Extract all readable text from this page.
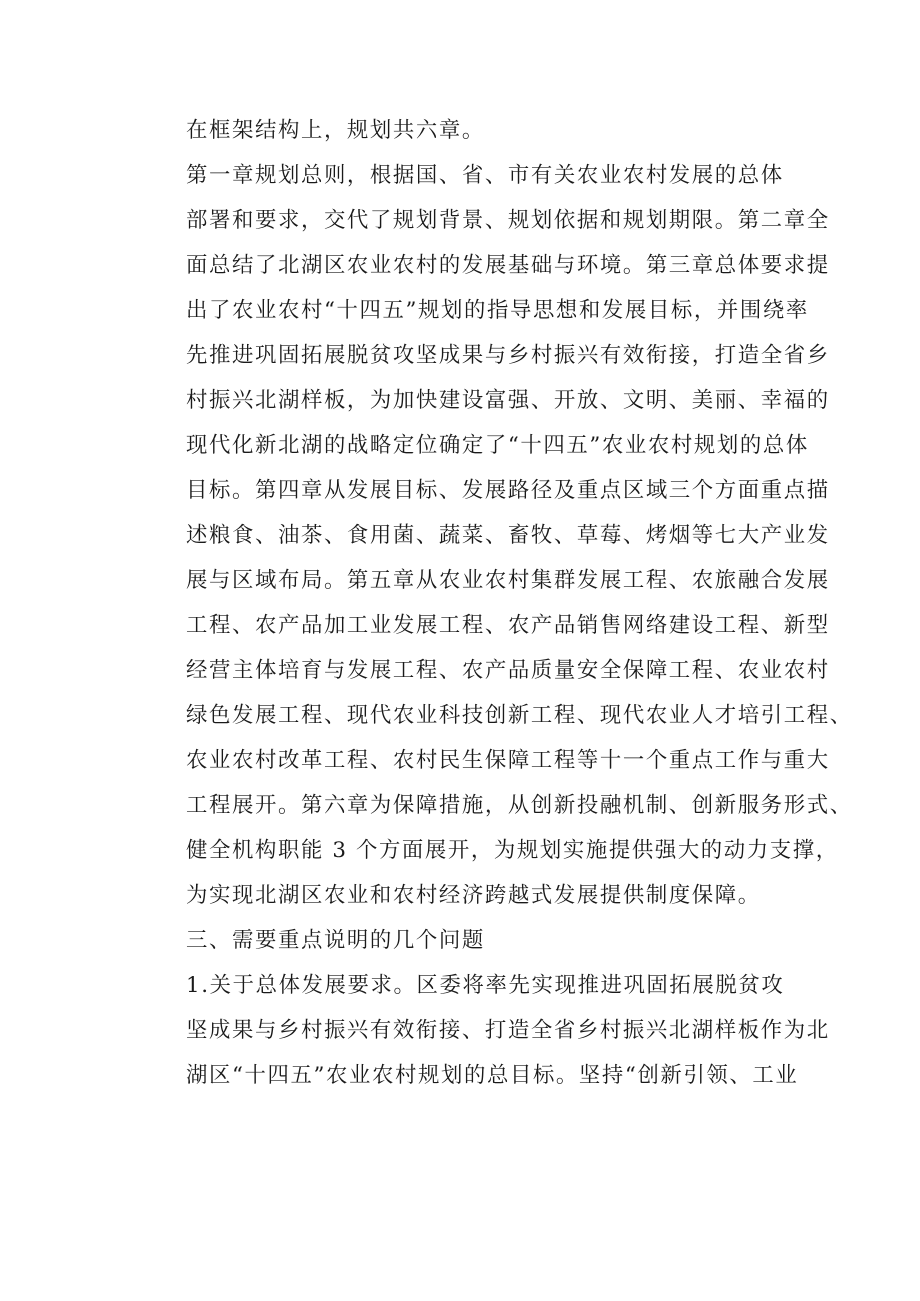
在框架结构上，规划共六章。

第一章规划总则，根据国、省、市有关农业农村发展的总体
部署和要求，交代了规划背景、规划依据和规划期限。第二章全
面总结了北湖区农业农村的发展基础与环境。第三章总体要求提
出了农业农村“十四五”规划的指导思想和发展目标，并围绕率
先推进巩固拓展脱贫攻坚成果与乡村振兴有效衔接，打造全省乡
村振兴北湖样板，为加快建设富强、开放、文明、美丽、幸福的
现代化新北湖的战略定位确定了“十四五”农业农村规划的总体
目标。第四章从发展目标、发展路径及重点区域三个方面重点描
述粮食、油茶、食用菌、蔬菜、畜牧、草莓、烤烟等七大产业发
展与区域布局。第五章从农业农村集群发展工程、农旅融合发展
工程、农产品加工业发展工程、农产品销售网络建设工程、新型
经营主体培育与发展工程、农产品质量安全保障工程、农业农村
绿色发展工程、现代农业科技创新工程、现代农业人才培引工程、
农业农村改革工程、农村民生保障工程等十一个重点工作与重大
工程展开。第六章为保障措施，从创新投融机制、创新服务形式、
健全机构职能 3 个方面展开，为规划实施提供强大的动力支撑，
为实现北湖区农业和农村经济跨越式发展提供制度保障。

三、需要重点说明的几个问题

1.关于总体发展要求。区委将率先实现推进巩固拓展脱贫攻
坚成果与乡村振兴有效衔接、打造全省乡村振兴北湖样板作为北
湖区“十四五”农业农村规划的总目标。坚持“创新引领、工业
